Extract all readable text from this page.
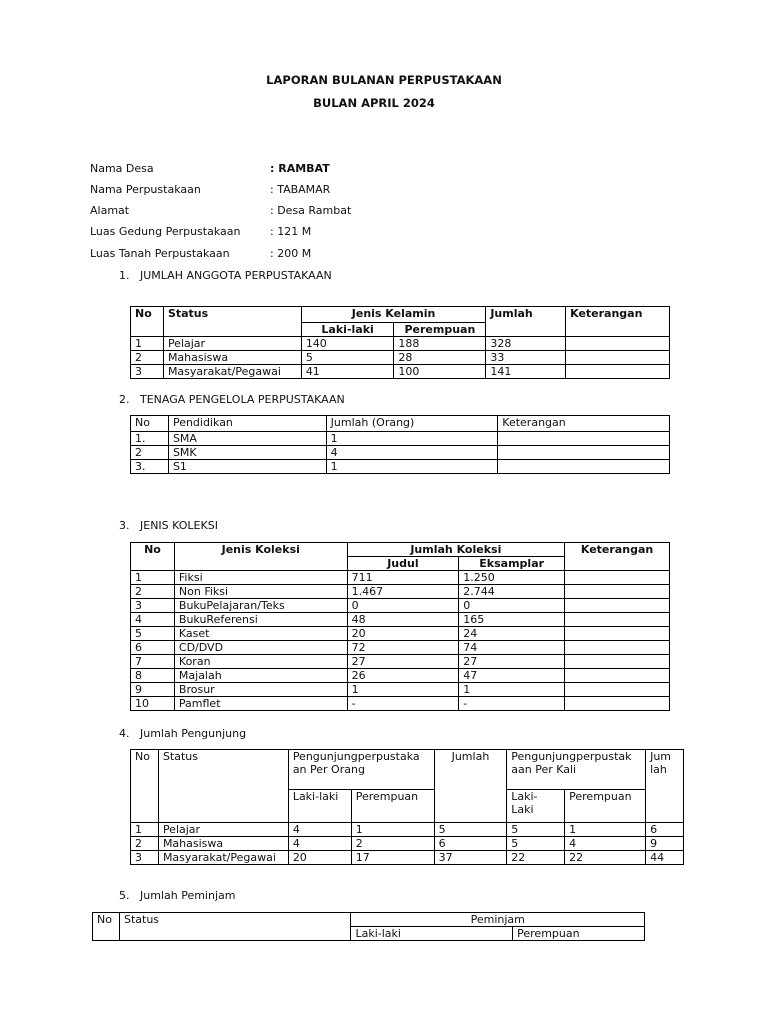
LAPORAN BULANAN PERPUSTAKAAN
BULAN APRIL 2024
Nama Desa	: RAMBAT
Nama Perpustakaan	: TABAMAR
Alamat	: Desa Rambat
Luas Gedung Perpustakaan	: 121 M
Luas Tanah Perpustakaan	: 200 M
1. JUMLAH ANGGOTA PERPUSTAKAAN
No	Status	Jenis Kelamin		Jumlah	Keterangan
		Laki-laki	Perempuan		
1	Pelajar	140	188	328	
2	Mahasiswa	5	28	33	
3	Masyarakat/Pegawai	41	100	141	
2. TENAGA PENGELOLA PERPUSTAKAAN
No	Pendidikan	Jumlah (Orang)	Keterangan
1.	SMA	1	
2	SMK	4	
3.	S1	1	
3. JENIS KOLEKSI
No	Jenis Koleksi	Jumlah Koleksi		Keterangan
		Judul	Eksamplar	
1	Fiksi	711	1.250	
2	Non Fiksi	1.467	2.744	
3	BukuPelajaran/Teks	0	0	
4	BukuReferensi	48	165	
5	Kaset	20	24	
6	CD/DVD	72	74	
7	Koran	27	27	
8	Majalah	26	47	
9	Brosur	1	1	
10	Pamflet	-	-	
4. Jumlah Pengunjung
No	Status	Pengunjungperpustaka an Per Orang		Jumlah	Pengunjungperpustak aan Per Kali		Jum lah
		Laki-laki	Perempuan		Laki- Laki	Perempuan	
1	Pelajar	4	1	5	5	1	6
2	Mahasiswa	4	2	6	5	4	9
3	Masyarakat/Pegawai	20	17	37	22	22	44
5. Jumlah Peminjam
No	Status	Peminjam	
		Laki-laki	Perempuan
